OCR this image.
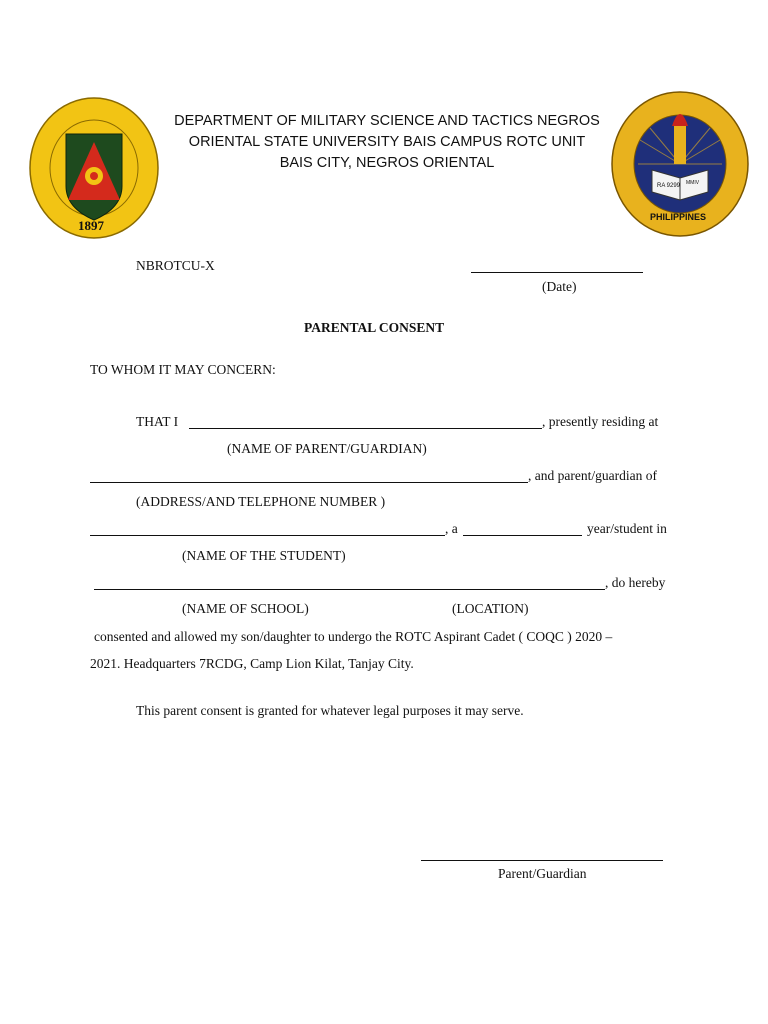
1897
RA 9299 MMIV
PHILIPPINES
DEPARTMENT OF MILITARY SCIENCE AND TACTICS NEGROS
ORIENTAL STATE UNIVERSITY BAIS CAMPUS ROTC UNIT
BAIS CITY, NEGROS ORIENTAL
NBROTCU-X
(Date)
PARENTAL CONSENT
TO WHOM IT MAY CONCERN:
THAT I	, presently residing at
(NAME OF PARENT/GUARDIAN)
, and parent/guardian of
(ADDRESS/AND TELEPHONE NUMBER )
, a	year/student in
(NAME OF THE STUDENT)
, do hereby
(NAME OF SCHOOL)	(LOCATION)
consented and allowed my son/daughter to undergo the ROTC Aspirant Cadet ( COQC ) 2020 –
2021. Headquarters 7RCDG, Camp Lion Kilat, Tanjay City.
This parent consent is granted for whatever legal purposes it may serve.
Parent/Guardian
